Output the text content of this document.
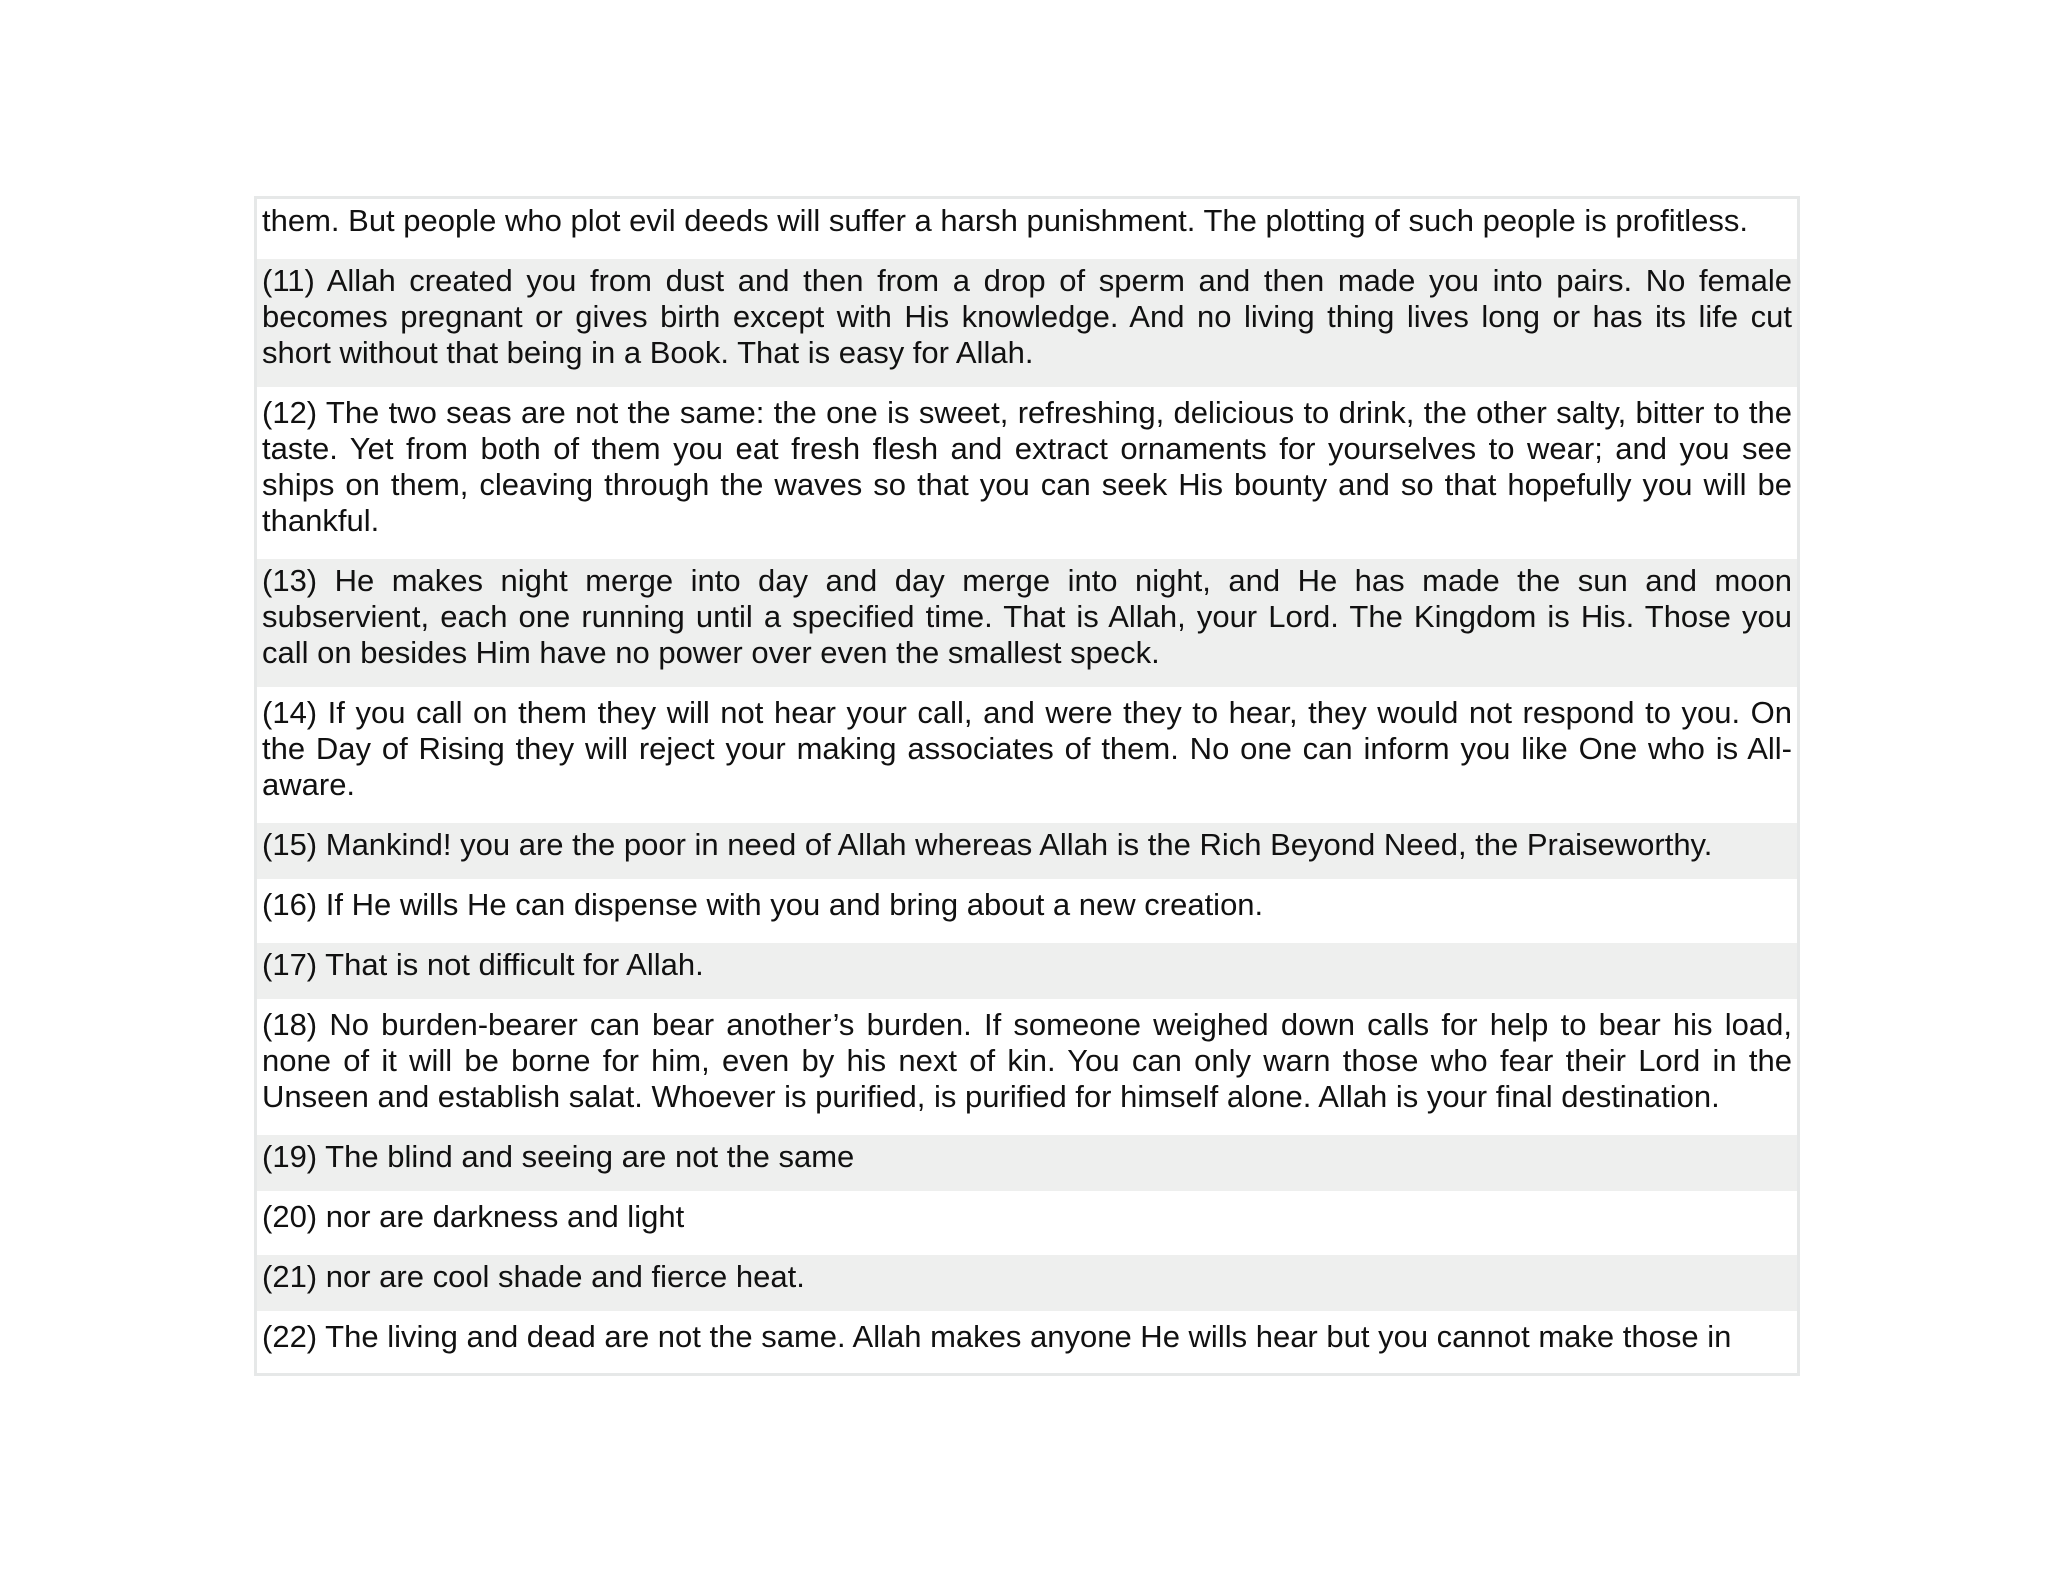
them. But people who plot evil deeds will suffer a harsh punishment. The plotting of such people is profitless.
(11) Allah created you from dust and then from a drop of sperm and then made you into pairs. No female becomes pregnant or gives birth except with His knowledge. And no living thing lives long or has its life cut short without that being in a Book. That is easy for Allah.
(12) The two seas are not the same: the one is sweet, refreshing, delicious to drink, the other salty, bitter to the taste. Yet from both of them you eat fresh flesh and extract ornaments for yourselves to wear; and you see ships on them, cleaving through the waves so that you can seek His bounty and so that hopefully you will be thankful.
(13) He makes night merge into day and day merge into night, and He has made the sun and moon subservient, each one running until a specified time. That is Allah, your Lord. The Kingdom is His. Those you call on besides Him have no power over even the smallest speck.
(14) If you call on them they will not hear your call, and were they to hear, they would not respond to you. On the Day of Rising they will reject your making associates of them. No one can inform you like One who is All-aware.
(15) Mankind! you are the poor in need of Allah whereas Allah is the Rich Beyond Need, the Praiseworthy.
(16) If He wills He can dispense with you and bring about a new creation.
(17) That is not difficult for Allah.
(18) No burden-bearer can bear another’s burden. If someone weighed down calls for help to bear his load, none of it will be borne for him, even by his next of kin. You can only warn those who fear their Lord in the Unseen and establish salat. Whoever is purified, is purified for himself alone. Allah is your final destination.
(19) The blind and seeing are not the same
(20) nor are darkness and light
(21) nor are cool shade and fierce heat.
(22) The living and dead are not the same. Allah makes anyone He wills hear but you cannot make those in
